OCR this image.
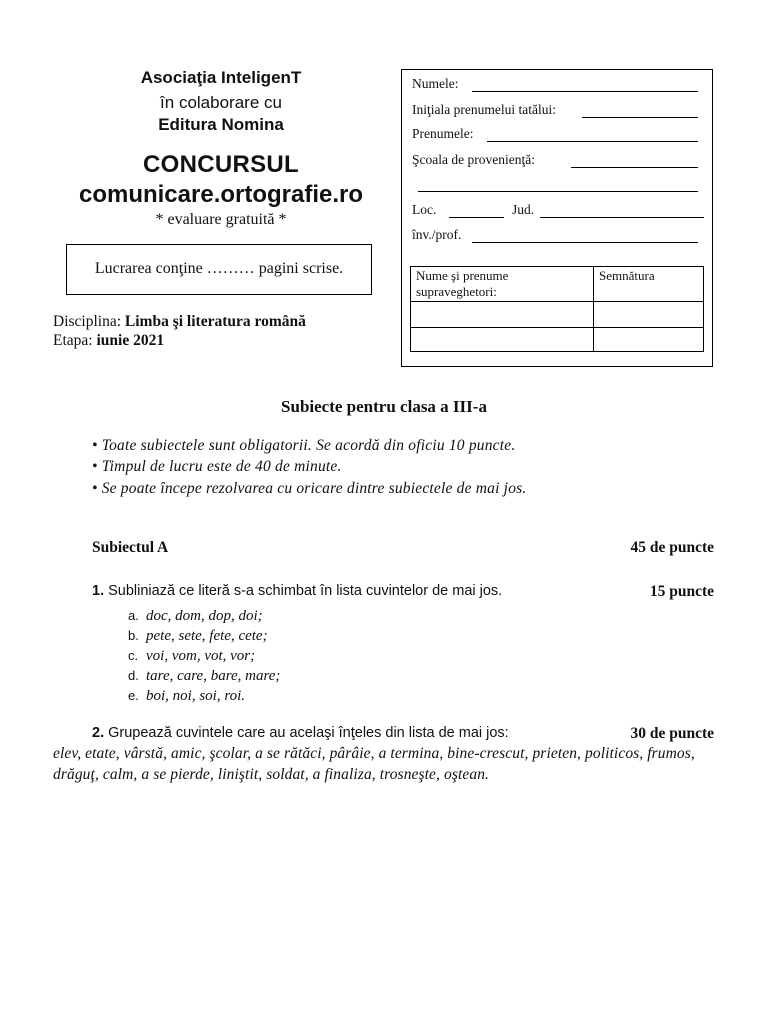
Asociaţia InteligenT
în colaborare cu
Editura Nomina
CONCURSUL
comunicare.ortografie.ro
* evaluare gratuită *
Lucrarea conţine ……… pagini scrise.
Disciplina: Limba şi literatura română
Etapa: iunie 2021
Numele:
Iniţiala prenumelui tatălui:
Prenumele:
Şcoala de provenienţă:
Loc.	Jud.
înv./prof.
Nume şi prenume supraveghetori:	Semnătura

Subiecte pentru clasa a III-a
• Toate subiectele sunt obligatorii. Se acordă din oficiu 10 puncte.
• Timpul de lucru este de 40 de minute.
• Se poate începe rezolvarea cu oricare dintre subiectele de mai jos.
Subiectul A	45 de puncte
1. Subliniază ce literă s-a schimbat în lista cuvintelor de mai jos.	15 puncte
a. doc, dom, dop, doi;
b. pete, sete, fete, cete;
c. voi, vom, vot, vor;
d. tare, care, bare, mare;
e. boi, noi, soi, roi.
2. Grupează cuvintele care au acelaşi înţeles din lista de mai jos:	30 de puncte
elev, etate, vârstă, amic, şcolar, a se rătăci, pârâie, a termina, bine-crescut, prieten, politicos, frumos, drăguţ, calm, a se pierde, liniştit, soldat, a finaliza, trosneşte, oştean.
